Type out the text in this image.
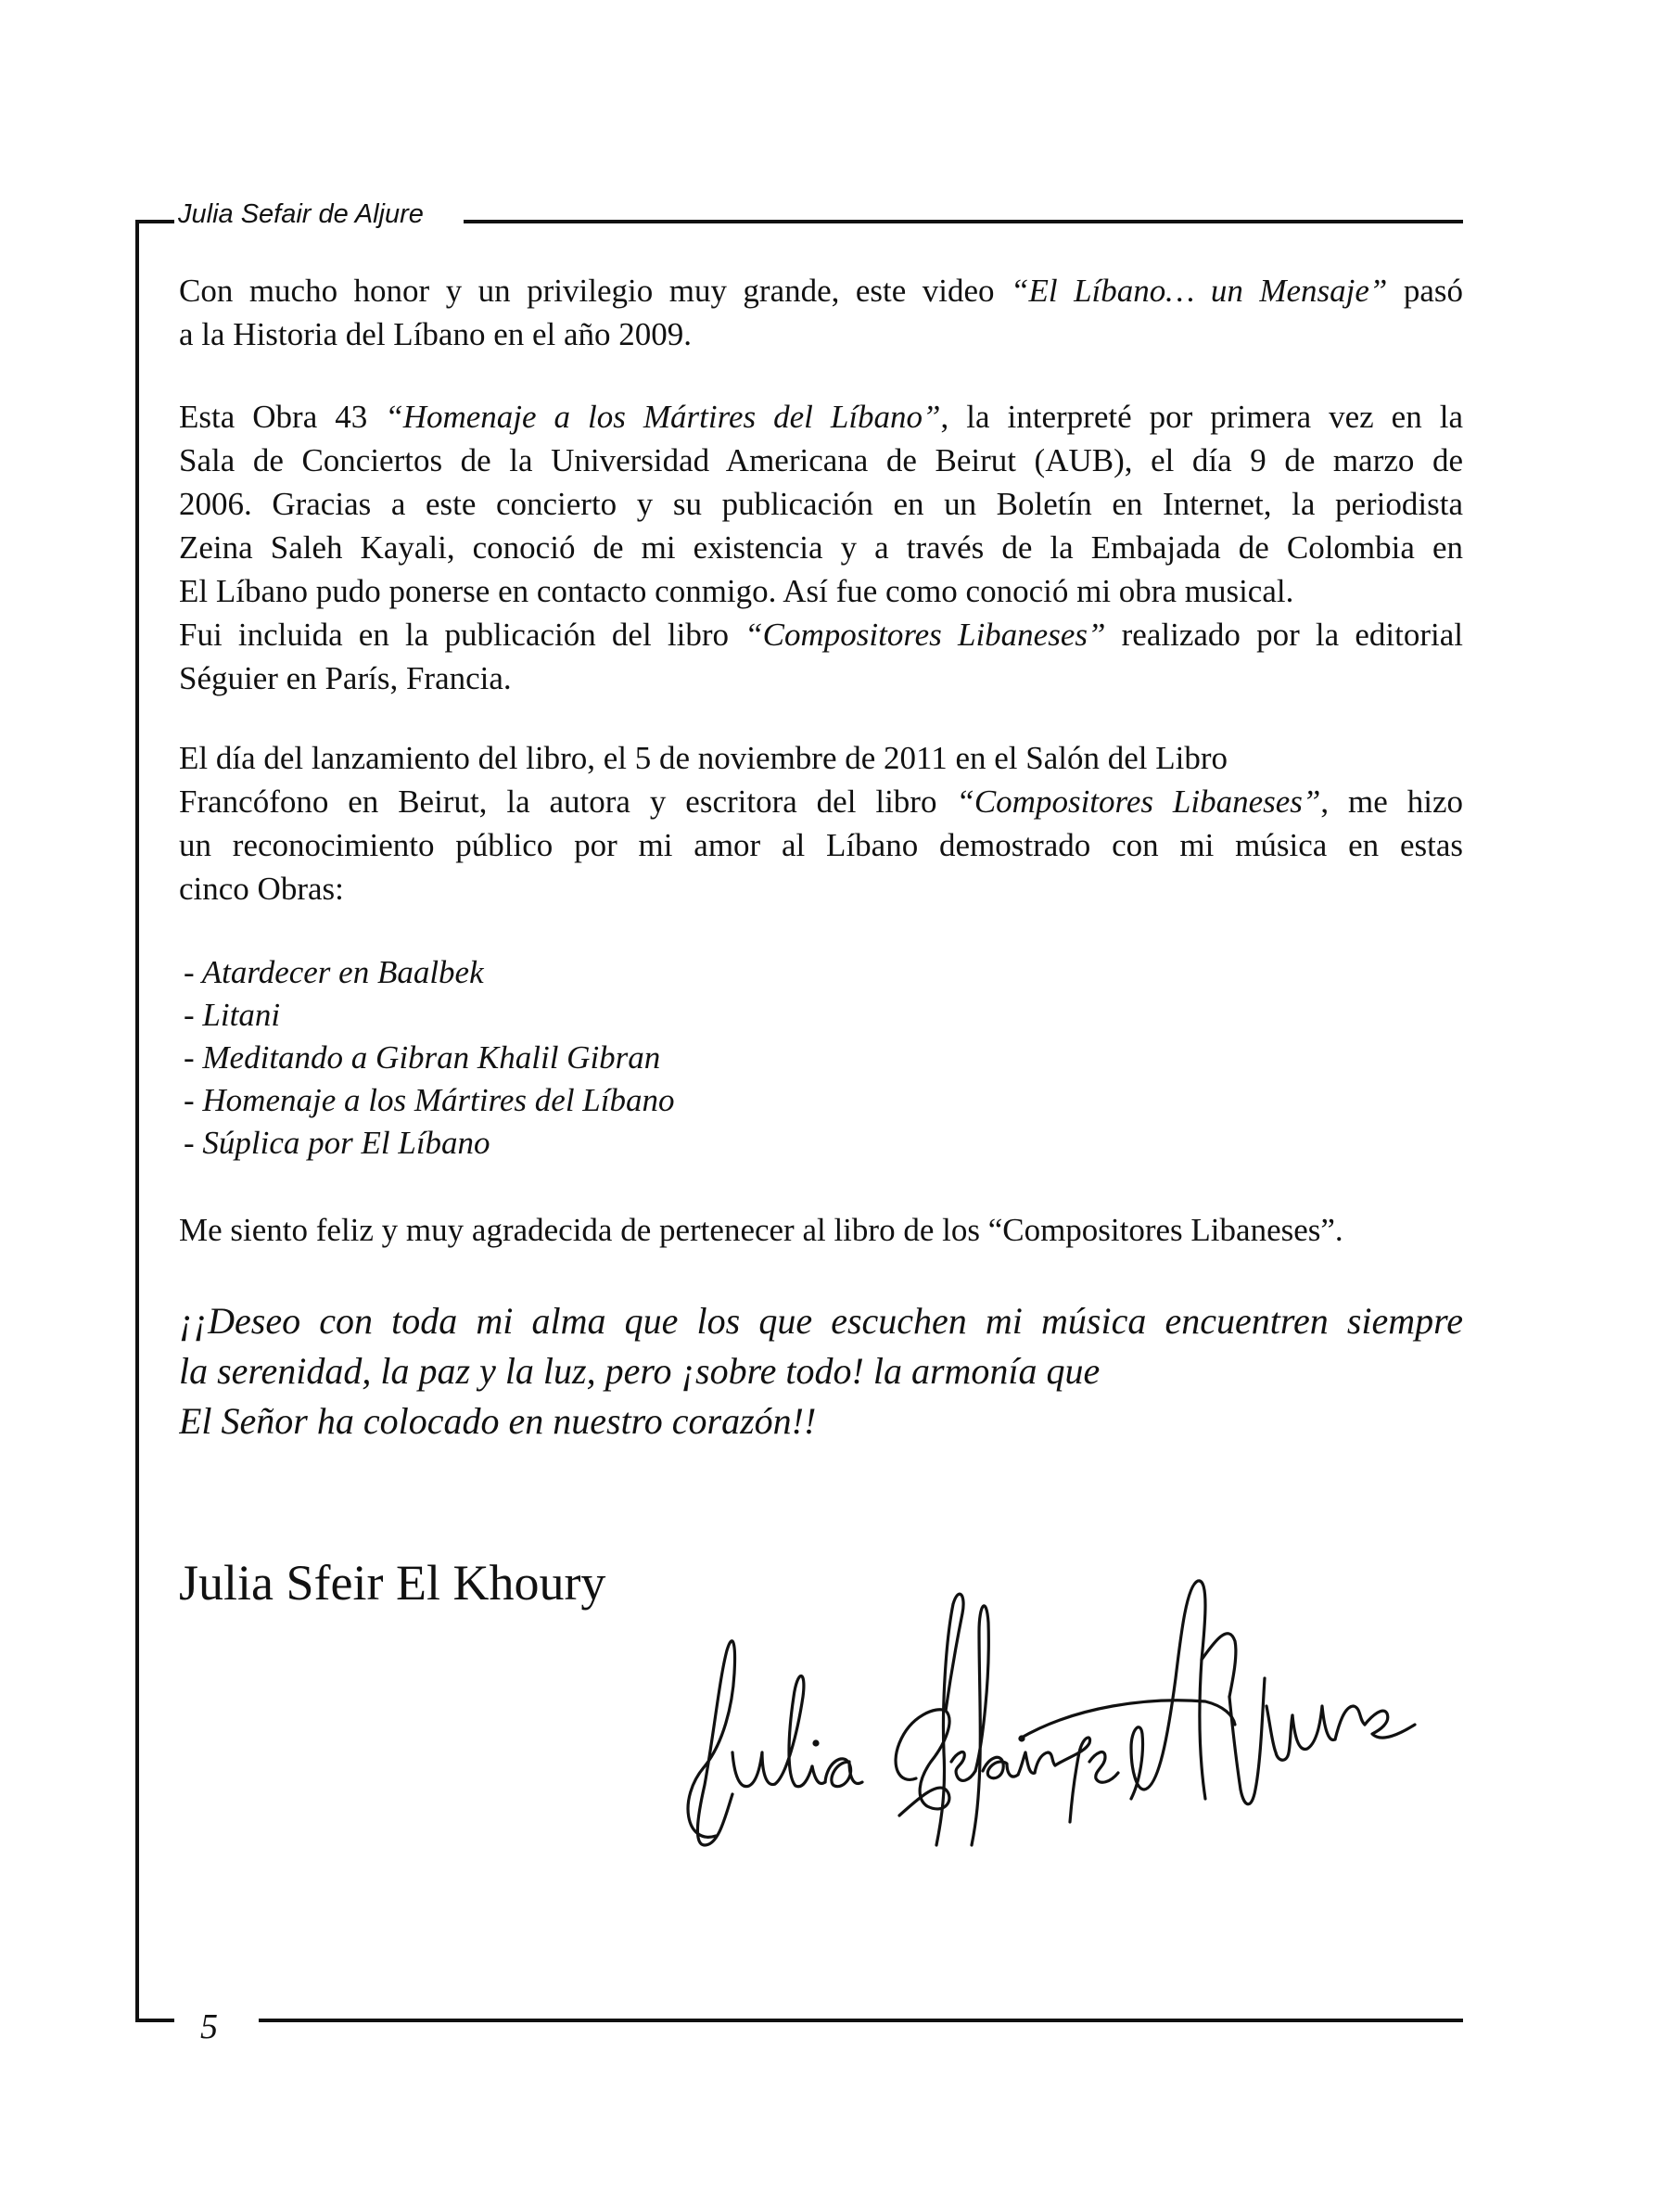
Julia Sefair de Aljure
Con mucho honor y un privilegio muy grande, este video “El Líbano… un Mensaje” pasó
a la Historia del Líbano en el año 2009.
Esta Obra 43 “Homenaje a los Mártires del Líbano”, la interpreté por primera vez en la
Sala de Conciertos de la Universidad Americana de Beirut (AUB), el día 9 de marzo de
2006. Gracias a este concierto y su publicación en un Boletín en Internet, la periodista
Zeina Saleh Kayali, conoció de mi existencia y a través de la Embajada de Colombia en
El Líbano pudo ponerse en contacto conmigo. Así fue como conoció mi obra musical.
Fui incluida en la publicación del libro “Compositores Libaneses” realizado por la editorial
Séguier en París, Francia.
El día del lanzamiento del libro, el 5 de noviembre de 2011 en el Salón del Libro
Francófono en Beirut, la autora y escritora del libro “Compositores Libaneses”, me hizo
un reconocimiento público por mi amor al Líbano demostrado con mi música en estas
cinco Obras:
- Atardecer en Baalbek
- Litani
- Meditando a Gibran Khalil Gibran
- Homenaje a los Mártires del Líbano
- Súplica por El Líbano
Me siento feliz y muy agradecida de pertenecer al libro de los “Compositores Libaneses”.
¡¡Deseo con toda mi alma que los que escuchen mi música encuentren siempre
la serenidad, la paz y la luz, pero ¡sobre todo! la armonía que
El Señor ha colocado en nuestro corazón!!
Julia Sfeir El Khoury
5
